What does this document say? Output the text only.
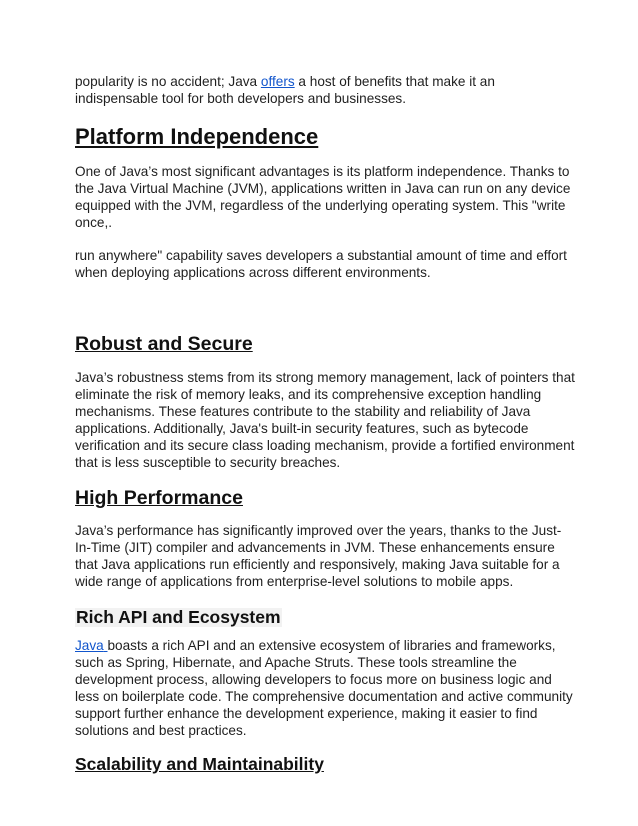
popularity is no accident; Java offers a host of benefits that make it an indispensable tool for both developers and businesses.

Platform Independence

One of Java’s most significant advantages is its platform independence. Thanks to the Java Virtual Machine (JVM), applications written in Java can run on any device equipped with the JVM, regardless of the underlying operating system. This "write once,.

run anywhere" capability saves developers a substantial amount of time and effort when deploying applications across different environments.

Robust and Secure

Java’s robustness stems from its strong memory management, lack of pointers that eliminate the risk of memory leaks, and its comprehensive exception handling mechanisms. These features contribute to the stability and reliability of Java applications. Additionally, Java's built-in security features, such as bytecode verification and its secure class loading mechanism, provide a fortified environment that is less susceptible to security breaches.

High Performance

Java’s performance has significantly improved over the years, thanks to the Just-In-Time (JIT) compiler and advancements in JVM. These enhancements ensure that Java applications run efficiently and responsively, making Java suitable for a wide range of applications from enterprise-level solutions to mobile apps.

Rich API and Ecosystem

Java boasts a rich API and an extensive ecosystem of libraries and frameworks, such as Spring, Hibernate, and Apache Struts. These tools streamline the development process, allowing developers to focus more on business logic and less on boilerplate code. The comprehensive documentation and active community support further enhance the development experience, making it easier to find solutions and best practices.

Scalability and Maintainability
